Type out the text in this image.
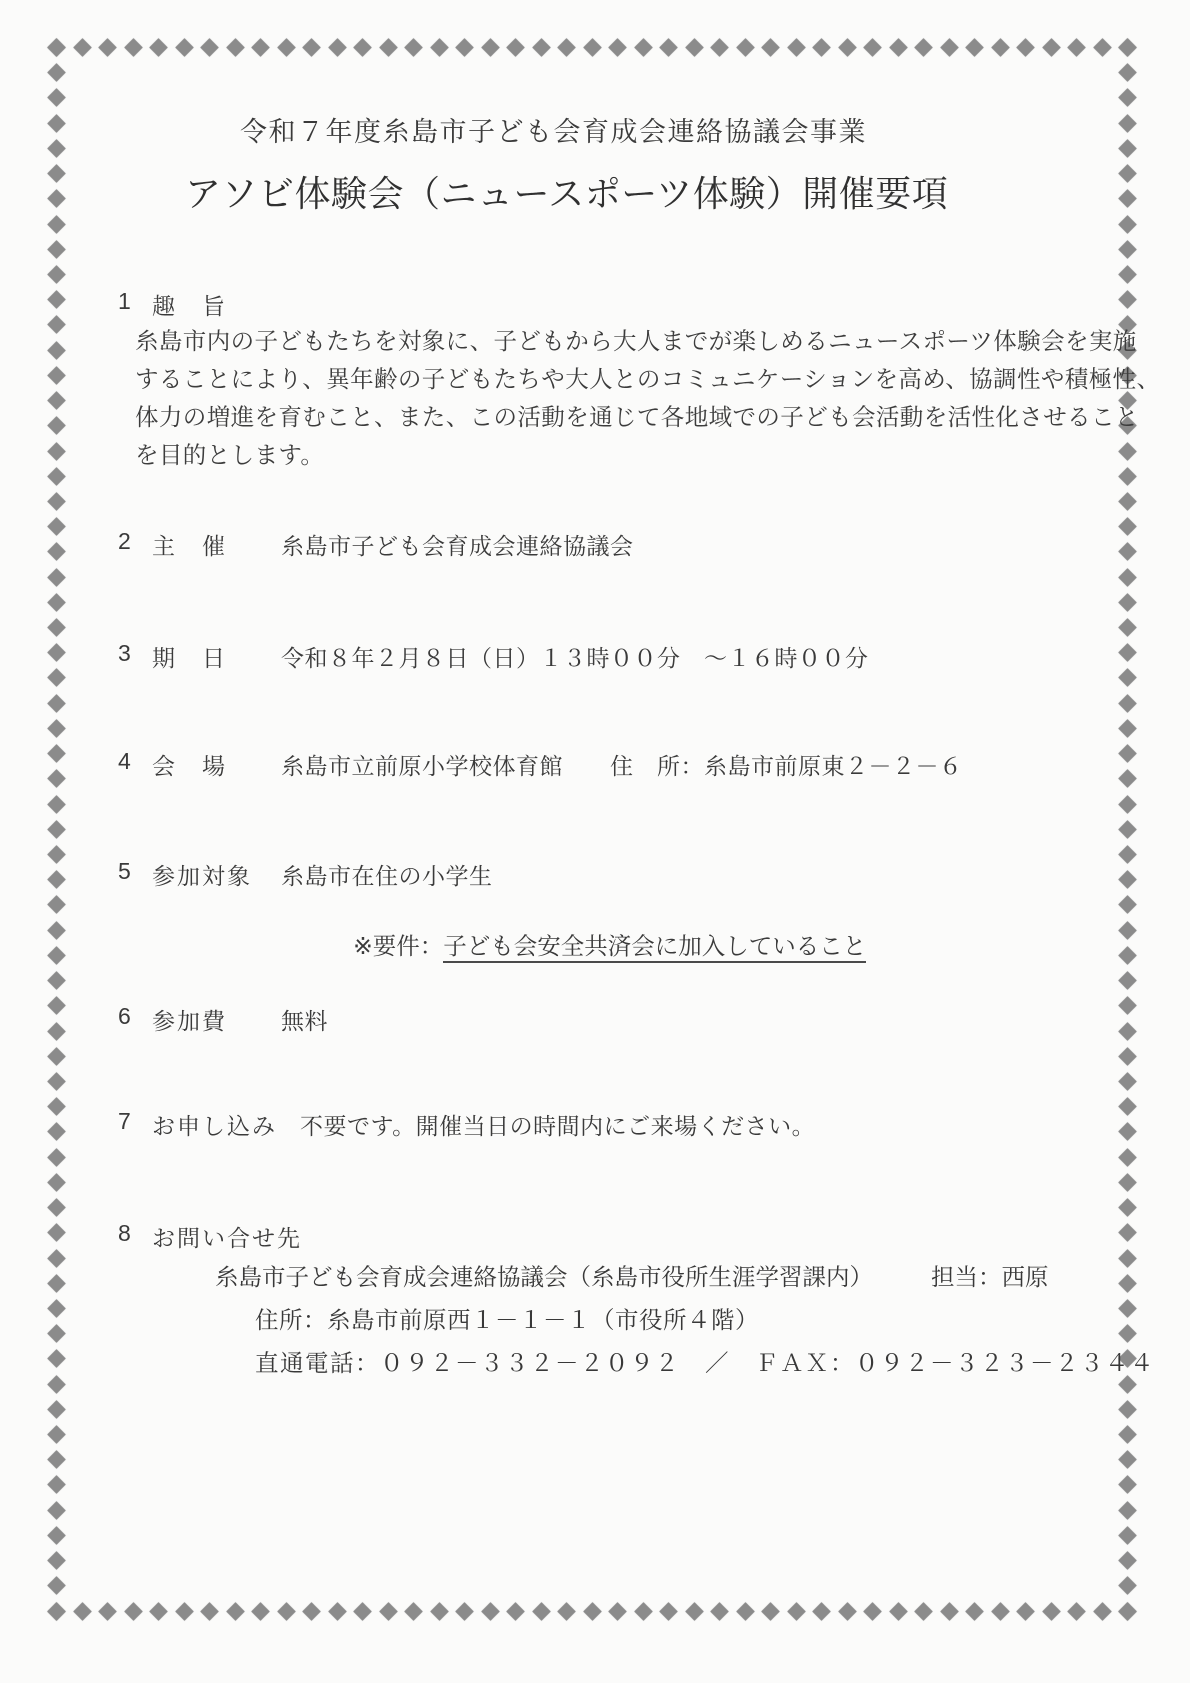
令和７年度糸島市子ども会育成会連絡協議会事業
アソビ体験会（ニュースポーツ体験）開催要項
1 趣　旨
糸島市内の子どもたちを対象に、子どもから大人までが楽しめるニュースポーツ体験会を実施
することにより、異年齢の子どもたちや大人とのコミュニケーションを高め、協調性や積極性、
体力の増進を育むこと、また、この活動を通じて各地域での子ども会活動を活性化させること
を目的とします。
2 主　催	糸島市子ども会育成会連絡協議会
3 期　日	令和８年２月８日（日）１３時００分　～１６時００分
4 会　場	糸島市立前原小学校体育館　　住　所：糸島市前原東２－２－６
5 参加対象	糸島市在住の小学生

※要件：子ども会安全共済会に加入していること

6 参加費	無料
7 お申し込み	不要です。開催当日の時間内にご来場ください。
8 お問い合せ先
糸島市子ども会育成会連絡協議会（糸島市役所生涯学習課内） 担当：西原
住所：糸島市前原西１－１－１（市役所４階）
直通電話：０９２－３３２－２０９２　／　ＦＡＸ：０９２－３２３－２３４４
